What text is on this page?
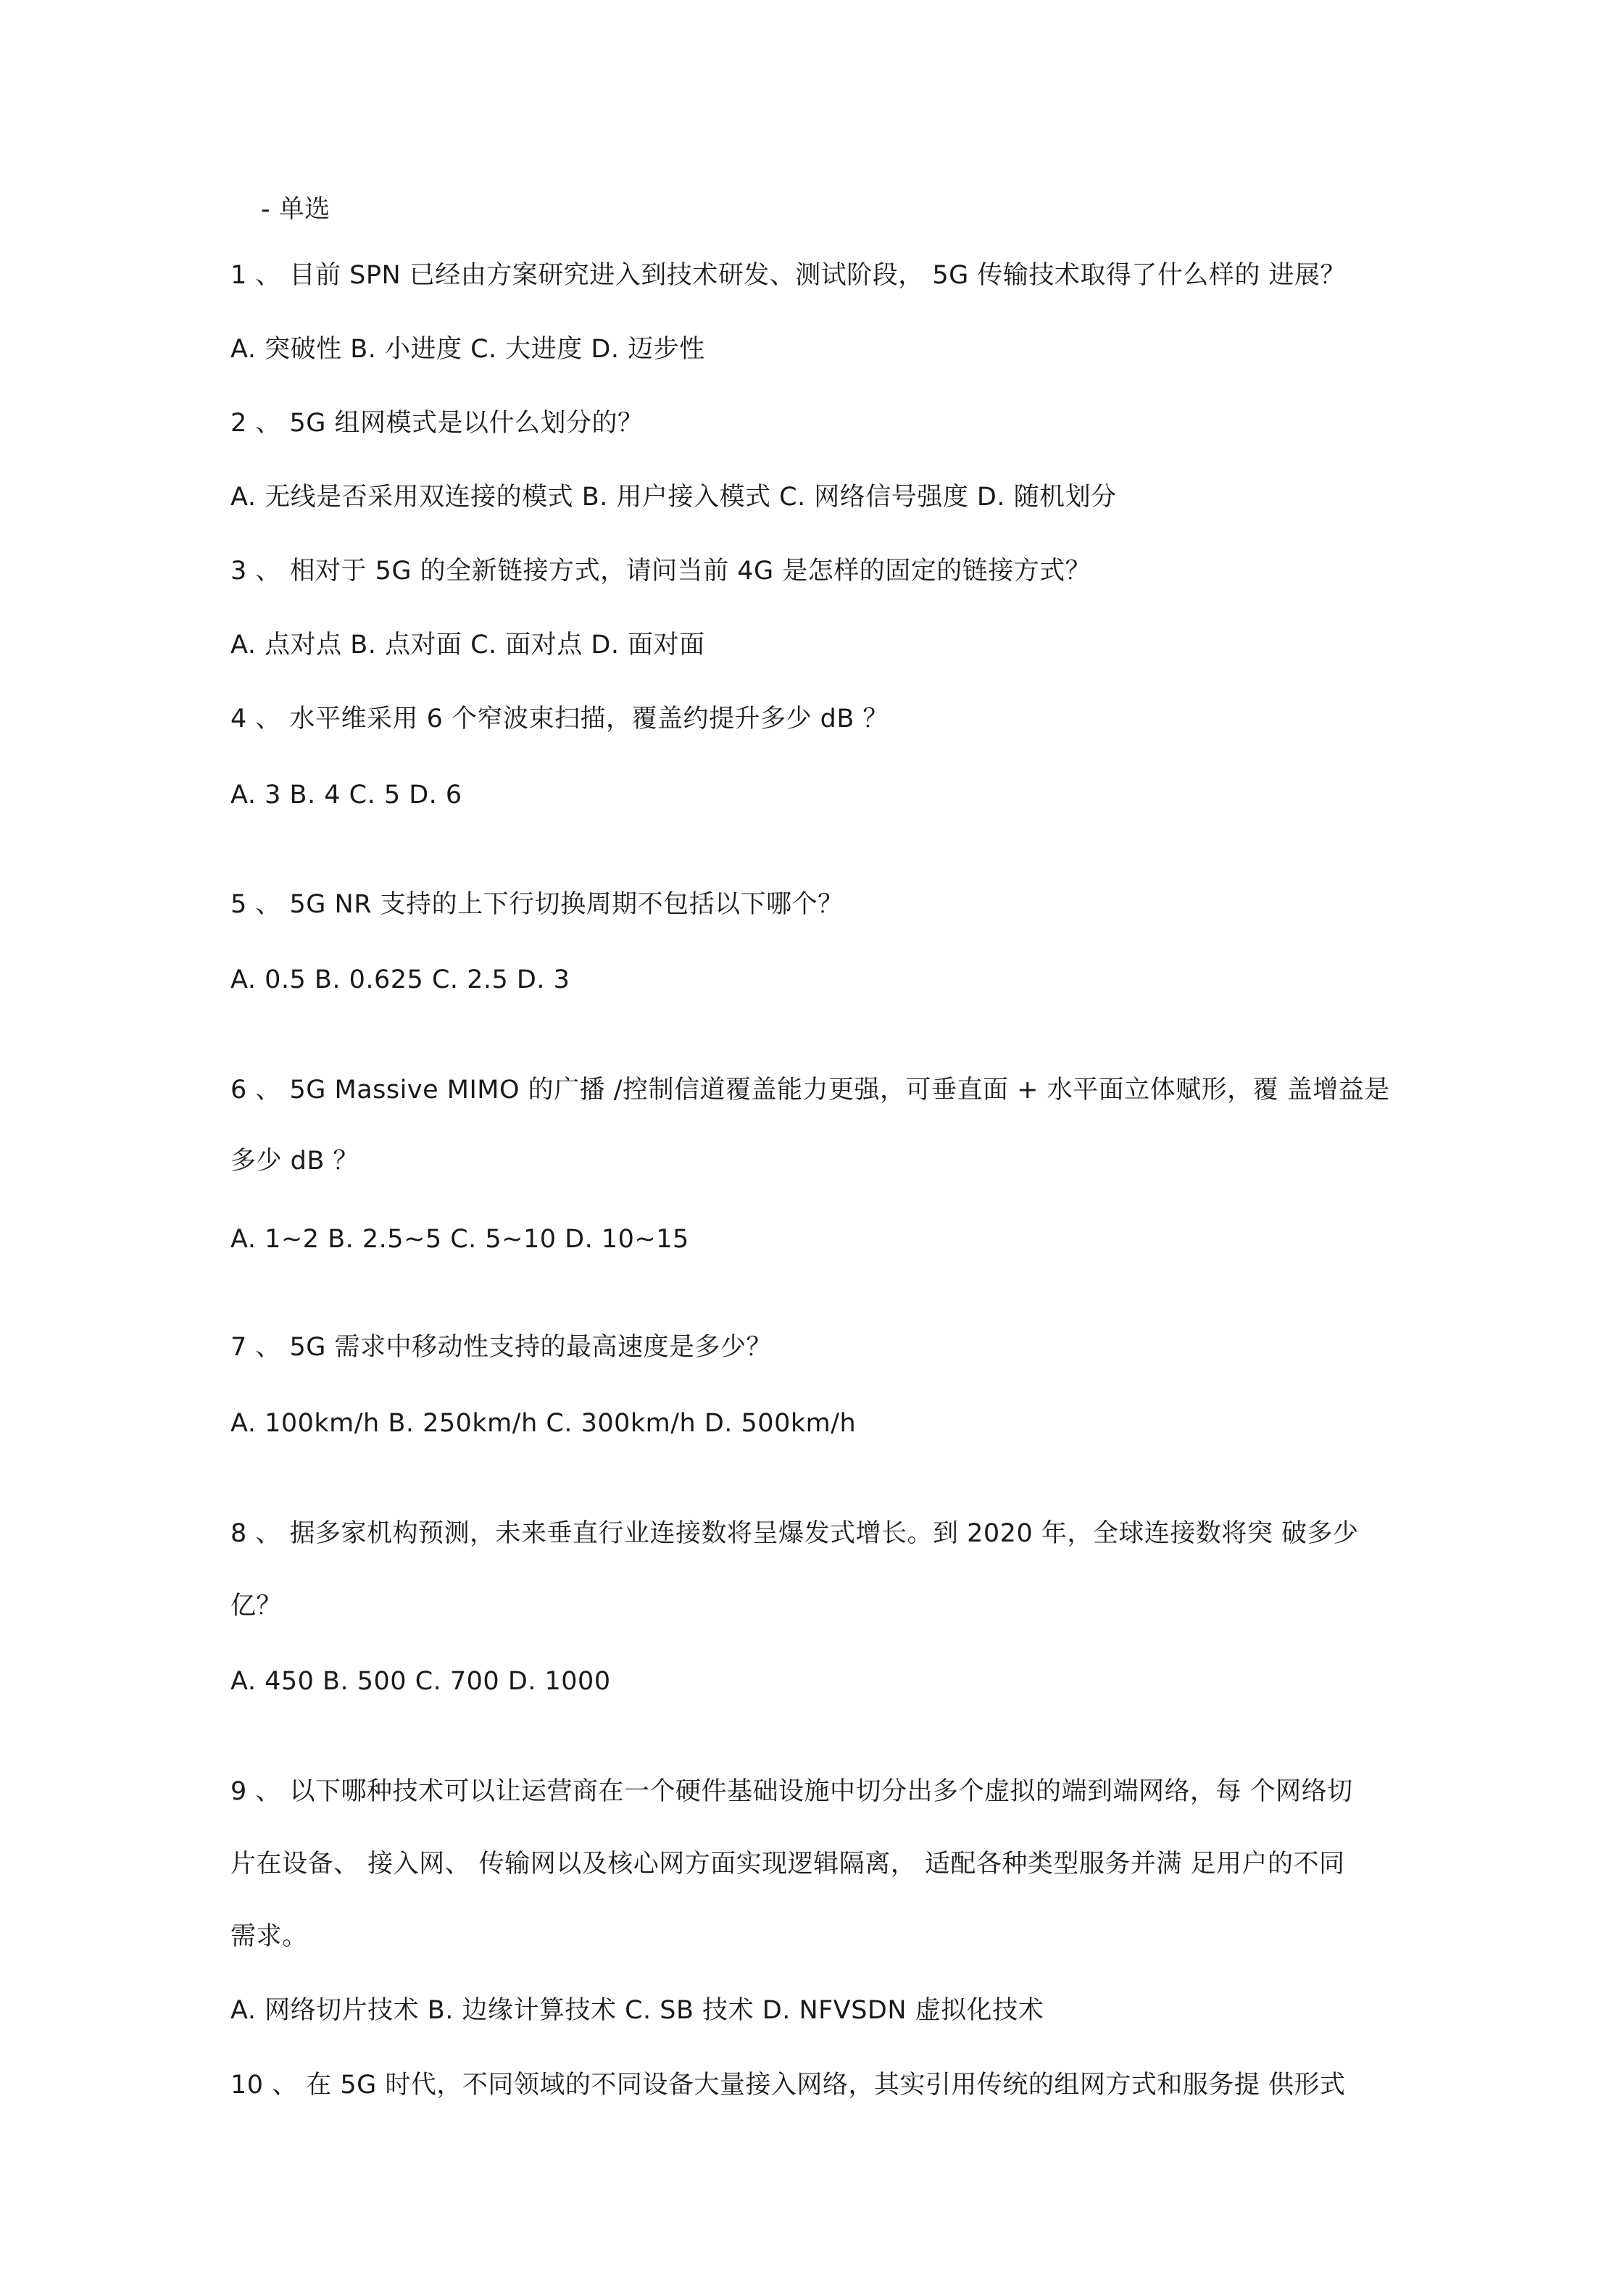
- 单选
1 、 目前 SPN 已经由方案研究进入到技术研发、测试阶段， 5G 传输技术取得了什么样的 进展？
A. 突破性 B. 小进度 C. 大进度 D. 迈步性
2 、 5G 组网模式是以什么划分的？
A. 无线是否采用双连接的模式 B. 用户接入模式 C. 网络信号强度 D. 随机划分
3 、 相对于 5G 的全新链接方式，请问当前 4G 是怎样的固定的链接方式？
A. 点对点 B. 点对面 C. 面对点 D. 面对面
4 、 水平维采用 6 个窄波束扫描，覆盖约提升多少 dB ？
A. 3 B. 4 C. 5 D. 6
5 、 5G NR 支持的上下行切换周期不包括以下哪个？
A. 0.5 B. 0.625 C. 2.5 D. 3
6 、 5G Massive MIMO 的广播 /控制信道覆盖能力更强，可垂直面 + 水平面立体赋形，覆 盖增益是
多少 dB ？
A. 1~2 B. 2.5~5 C. 5~10 D. 10~15
7 、 5G 需求中移动性支持的最高速度是多少？
A. 100km/h B. 250km/h C. 300km/h D. 500km/h
8 、 据多家机构预测，未来垂直行业连接数将呈爆发式增长。到 2020 年，全球连接数将突 破多少
亿？
A. 450 B. 500 C. 700 D. 1000
9 、 以下哪种技术可以让运营商在一个硬件基础设施中切分出多个虚拟的端到端网络，每 个网络切
片在设备、 接入网、 传输网以及核心网方面实现逻辑隔离， 适配各种类型服务并满 足用户的不同
需求。
A. 网络切片技术 B. 边缘计算技术 C. SB 技术 D. NFVSDN 虚拟化技术
10 、 在 5G 时代，不同领域的不同设备大量接入网络，其实引用传统的组网方式和服务提 供形式
